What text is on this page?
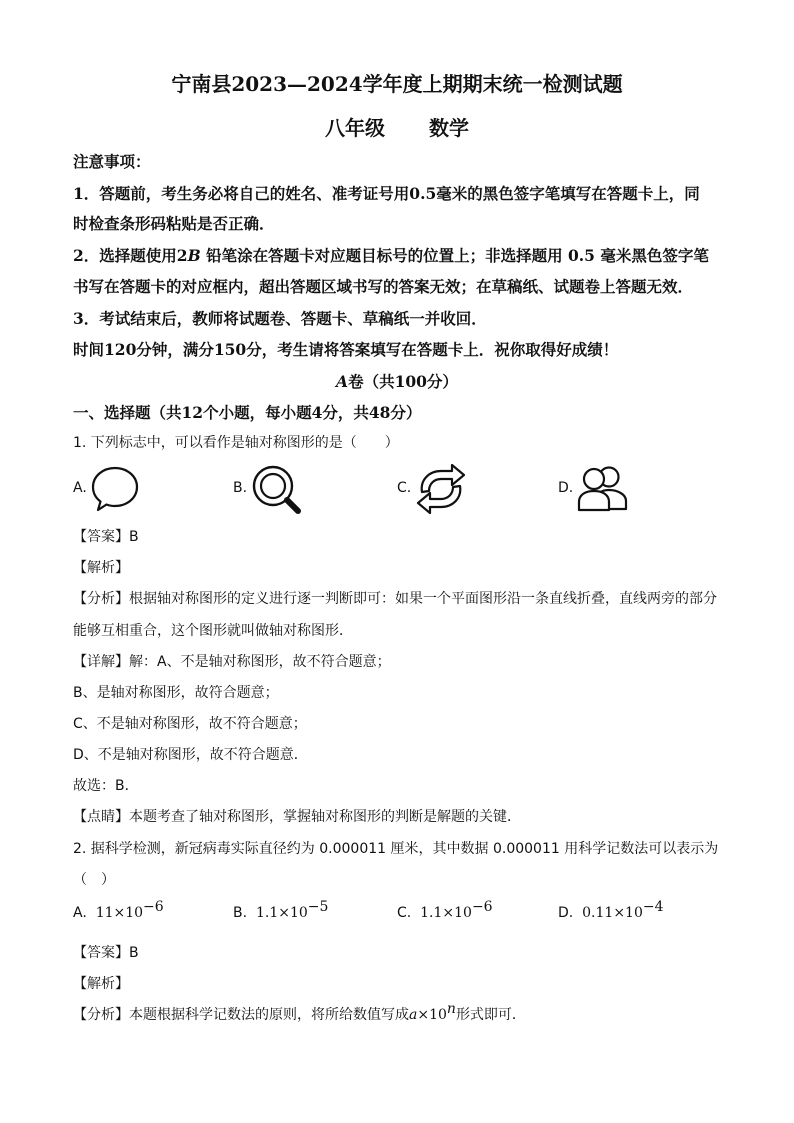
宁南县2023—2024学年度上期期末统一检测试题
八年级 数学
注意事项：
1．答题前，考生务必将自己的姓名、准考证号用0.5毫米的黑色签字笔填写在答题卡上，同
时检查条形码粘贴是否正确．
2．选择题使用2B 铅笔涂在答题卡对应题目标号的位置上；非选择题用 0.5 毫米黑色签字笔
书写在答题卡的对应框内，超出答题区域书写的答案无效；在草稿纸、试题卷上答题无效．
3．考试结束后，教师将试题卷、答题卡、草稿纸一并收回．
时间120分钟，满分150分，考生请将答案填写在答题卡上．祝你取得好成绩！
A卷（共100分）
一、选择题（共12个小题，每小题4分，共48分）
1. 下列标志中，可以看作是轴对称图形的是（　　）
A.	B.	C.	D.
【答案】B
【解析】
【分析】根据轴对称图形的定义进行逐一判断即可：如果一个平面图形沿一条直线折叠，直线两旁的部分
能够互相重合，这个图形就叫做轴对称图形．
【详解】解：A、不是轴对称图形，故不符合题意；
B、是轴对称图形，故符合题意；
C、不是轴对称图形，故不符合题意；
D、不是轴对称图形，故不符合题意．
故选：B．
【点睛】本题考查了轴对称图形，掌握轴对称图形的判断是解题的关键．
2. 据科学检测，新冠病毒实际直径约为 0.000011 厘米，其中数据 0.000011 用科学记数法可以表示为
（　）
A. $11\times 10^{-6}$	B. $1.1\times 10^{-5}$	C. $1.1\times 10^{-6}$	D. $0.11\times 10^{-4}$
【答案】B
【解析】
【分析】本题根据科学记数法的原则，将所给数值写成$a\times 10^n$形式即可．
